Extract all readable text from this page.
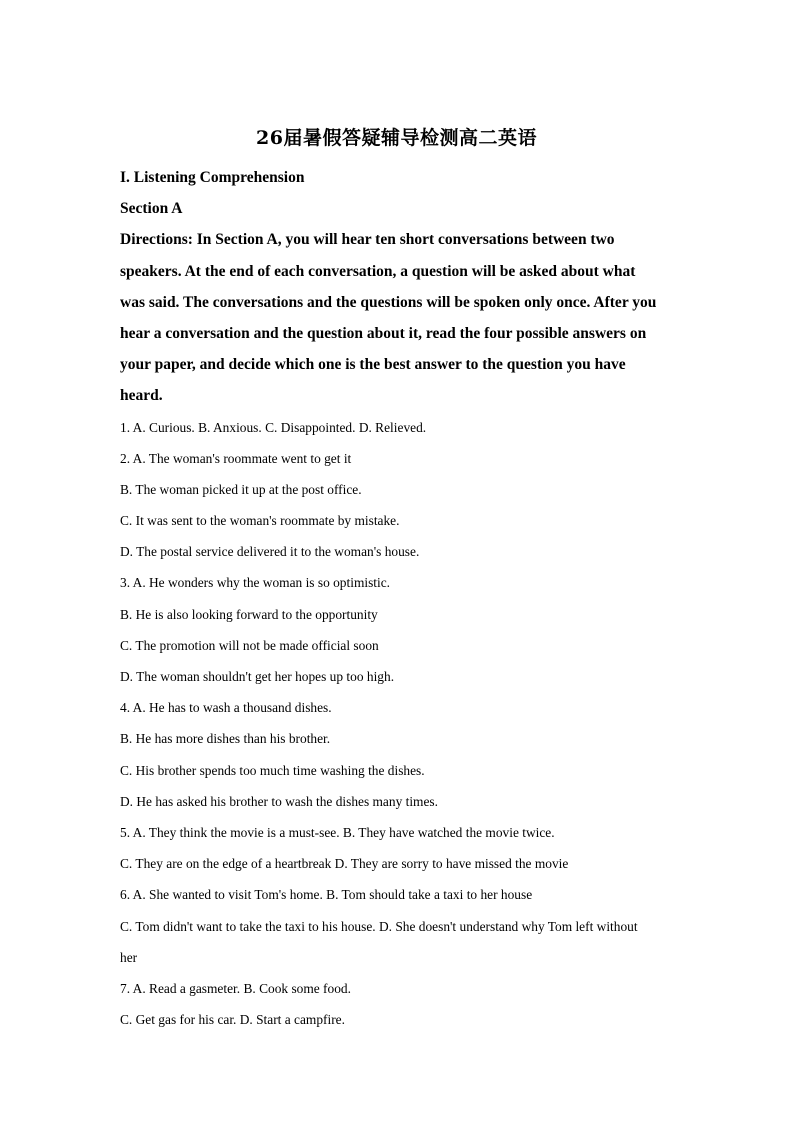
26届暑假答疑辅导检测高二英语
I. Listening Comprehension
Section A
Directions: In Section A, you will hear ten short conversations between two
speakers. At the end of each conversation, a question will be asked about what
was said. The conversations and the questions will be spoken only once. After you
hear a conversation and the question about it, read the four possible answers on
your paper, and decide which one is the best answer to the question you have
heard.
1. A. Curious. B. Anxious. C. Disappointed. D. Relieved.
2. A. The woman's roommate went to get it
B. The woman picked it up at the post office.
C. It was sent to the woman's roommate by mistake.
D. The postal service delivered it to the woman's house.
3. A. He wonders why the woman is so optimistic.
B. He is also looking forward to the opportunity
C. The promotion will not be made official soon
D. The woman shouldn't get her hopes up too high.
4. A. He has to wash a thousand dishes.
B. He has more dishes than his brother.
C. His brother spends too much time washing the dishes.
D. He has asked his brother to wash the dishes many times.
5. A. They think the movie is a must-see. B. They have watched the movie twice.
C. They are on the edge of a heartbreak D. They are sorry to have missed the movie
6. A. She wanted to visit Tom's home. B. Tom should take a taxi to her house
C. Tom didn't want to take the taxi to his house. D. She doesn't understand why Tom left without
her
7. A. Read a gasmeter. B. Cook some food.
C. Get gas for his car. D. Start a campfire.
